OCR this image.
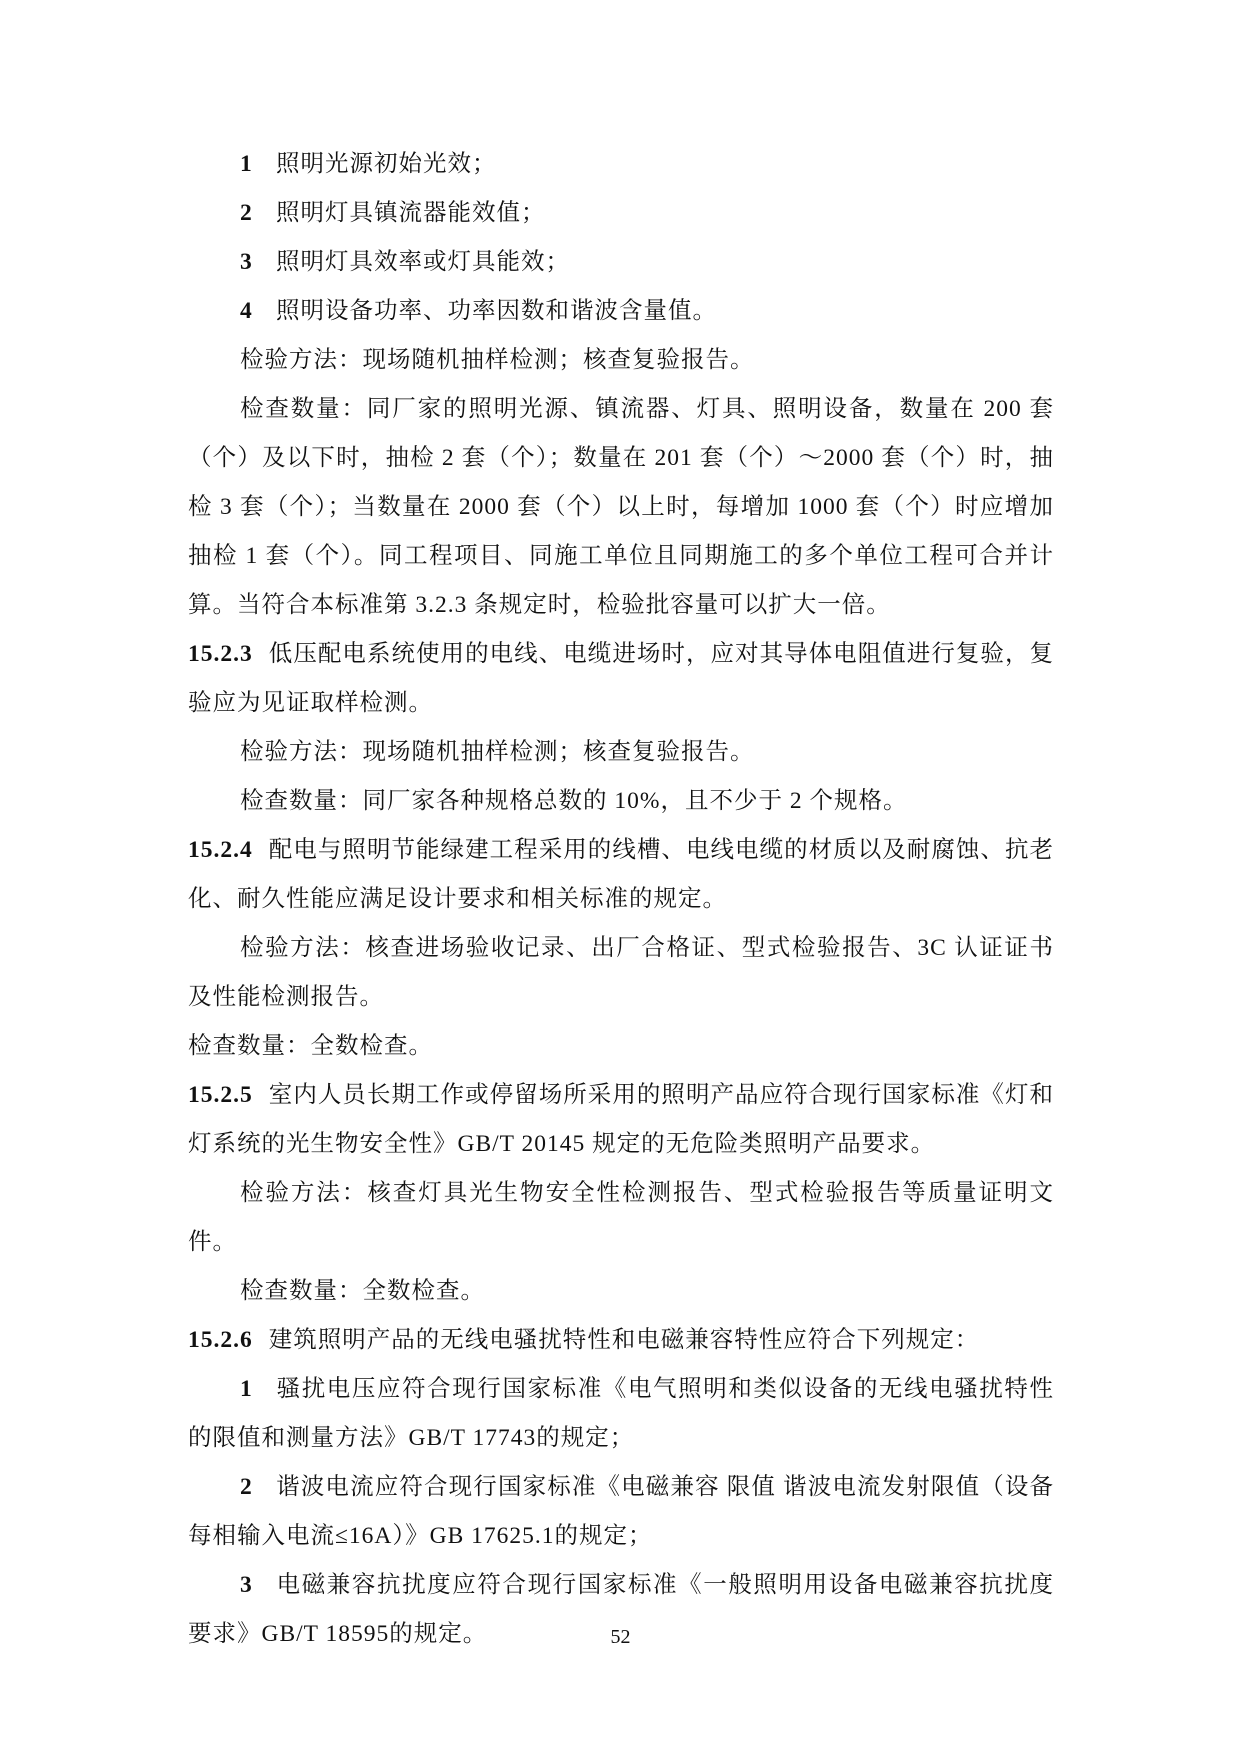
1 照明光源初始光效；

2 照明灯具镇流器能效值；

3 照明灯具效率或灯具能效；

4 照明设备功率、功率因数和谐波含量值。

检验方法：现场随机抽样检测；核查复验报告。

检查数量：同厂家的照明光源、镇流器、灯具、照明设备，数量在 200 套（个）及以下时，抽检 2 套（个）；数量在 201 套（个）～2000 套（个）时，抽检 3 套（个）；当数量在 2000 套（个）以上时，每增加 1000 套（个）时应增加抽检 1 套（个）。同工程项目、同施工单位且同期施工的多个单位工程可合并计算。当符合本标准第 3.2.3 条规定时，检验批容量可以扩大一倍。

15.2.3 低压配电系统使用的电线、电缆进场时，应对其导体电阻值进行复验，复验应为见证取样检测。

检验方法：现场随机抽样检测；核查复验报告。

检查数量：同厂家各种规格总数的 10%，且不少于 2 个规格。

15.2.4 配电与照明节能绿建工程采用的线槽、电线电缆的材质以及耐腐蚀、抗老化、耐久性能应满足设计要求和相关标准的规定。

检验方法：核查进场验收记录、出厂合格证、型式检验报告、3C 认证证书及性能检测报告。

检查数量：全数检查。

15.2.5 室内人员长期工作或停留场所采用的照明产品应符合现行国家标准《灯和灯系统的光生物安全性》GB/T 20145 规定的无危险类照明产品要求。

检验方法：核查灯具光生物安全性检测报告、型式检验报告等质量证明文件。

检查数量：全数检查。

15.2.6 建筑照明产品的无线电骚扰特性和电磁兼容特性应符合下列规定：

1 骚扰电压应符合现行国家标准《电气照明和类似设备的无线电骚扰特性的限值和测量方法》GB/T 17743的规定；

2 谐波电流应符合现行国家标准《电磁兼容 限值 谐波电流发射限值（设备每相输入电流≤16A）》GB 17625.1的规定；

3 电磁兼容抗扰度应符合现行国家标准《一般照明用设备电磁兼容抗扰度要求》GB/T 18595的规定。	52
